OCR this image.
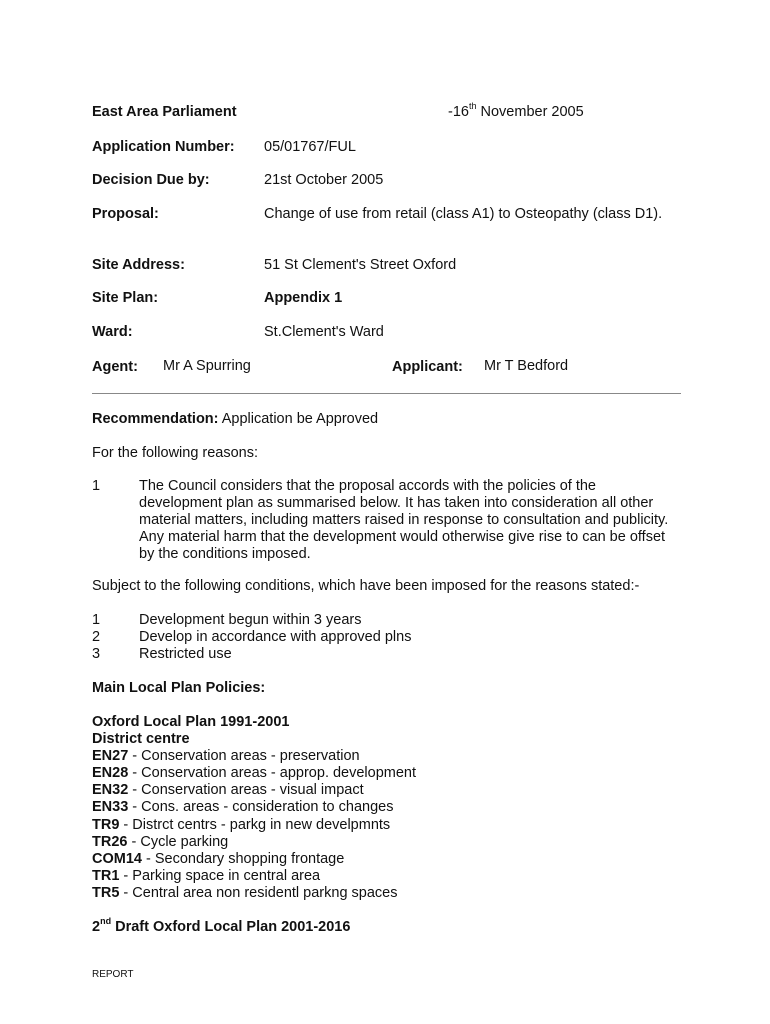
East Area Parliament	-16th November 2005
Application Number: 05/01767/FUL
Decision Due by:	21st October 2005
Proposal:	Change of use from retail (class A1) to Osteopathy (class D1).
Site Address:	51 St Clement's Street Oxford
Site Plan:	Appendix 1
Ward:	St.Clement's Ward
Agent: Mr A Spurring	Applicant: Mr T Bedford
Recommendation: Application be Approved
For the following reasons:
1	The Council considers that the proposal accords with the policies of the development plan as summarised below. It has taken into consideration all other material matters, including matters raised in response to consultation and publicity. Any material harm that the development would otherwise give rise to can be offset by the conditions imposed.
Subject to the following conditions, which have been imposed for the reasons stated:-
1	Development begun within 3 years
2	Develop in accordance with approved plns
3	Restricted use
Main Local Plan Policies:
Oxford Local Plan 1991-2001
District centre
EN27 - Conservation areas - preservation
EN28 - Conservation areas - approp. development
EN32 - Conservation areas - visual impact
EN33 - Cons. areas - consideration to changes
TR9 - Distrct centrs - parkg in new develpmnts
TR26 - Cycle parking
COM14 - Secondary shopping frontage
TR1 - Parking space in central area
TR5 - Central area non residentl parkng spaces
2nd Draft Oxford Local Plan 2001-2016
REPORT
